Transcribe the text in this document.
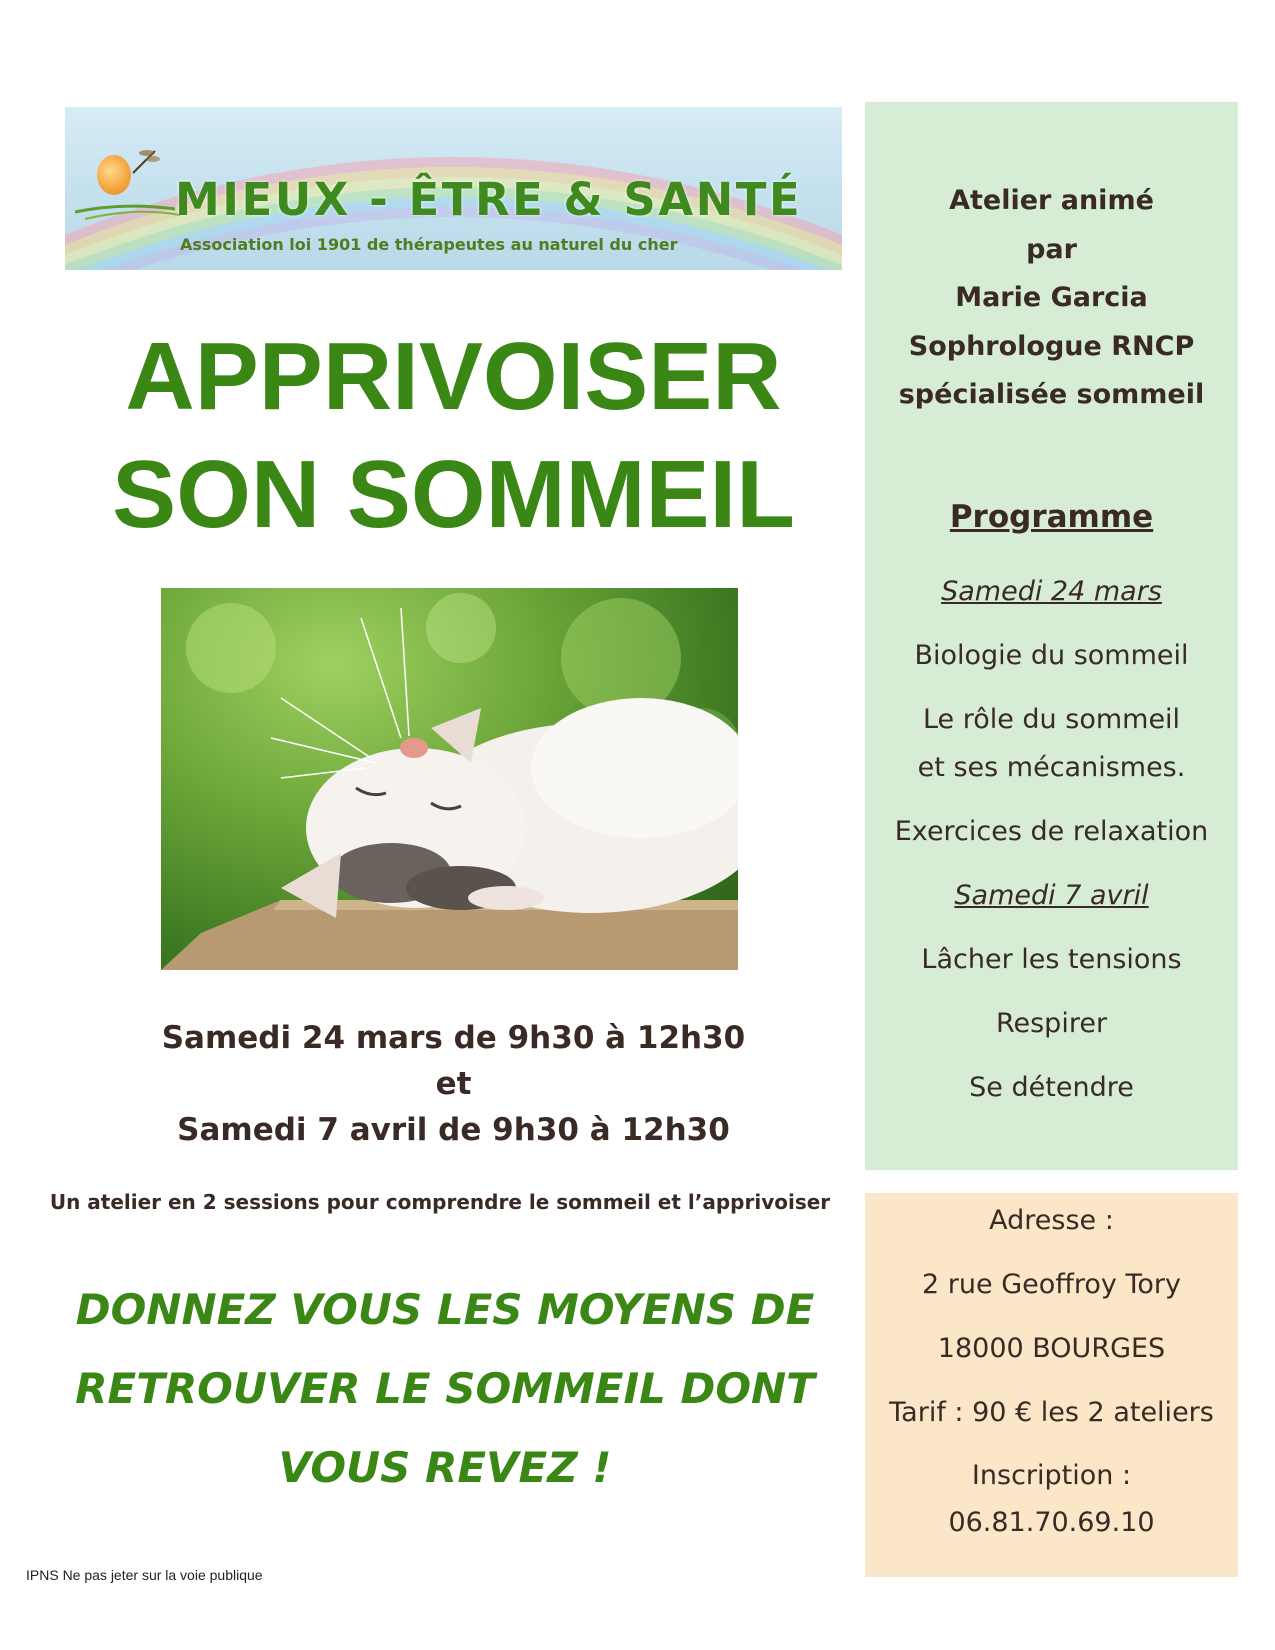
MIEUX - ÊTRE & SANTÉ
Association loi 1901 de thérapeutes au naturel du cher
APPRIVOISER
SON SOMMEIL
Samedi 24 mars de 9h30 à 12h30
et
Samedi 7 avril de 9h30 à 12h30
Un atelier en 2 sessions pour comprendre le sommeil et l’apprivoiser
DONNEZ VOUS LES MOYENS DE
RETROUVER LE SOMMEIL DONT
VOUS REVEZ !
IPNS Ne pas jeter sur la voie publique
Atelier animé
par
Marie Garcia
Sophrologue RNCP
spécialisée sommeil
Programme
Samedi 24 mars
Biologie du sommeil
Le rôle du sommeil
et ses mécanismes.
Exercices de relaxation
Samedi 7 avril
Lâcher les tensions
Respirer
Se détendre
Adresse :
2 rue Geoffroy Tory
18000 BOURGES
Tarif : 90 € les 2 ateliers
Inscription :
06.81.70.69.10
